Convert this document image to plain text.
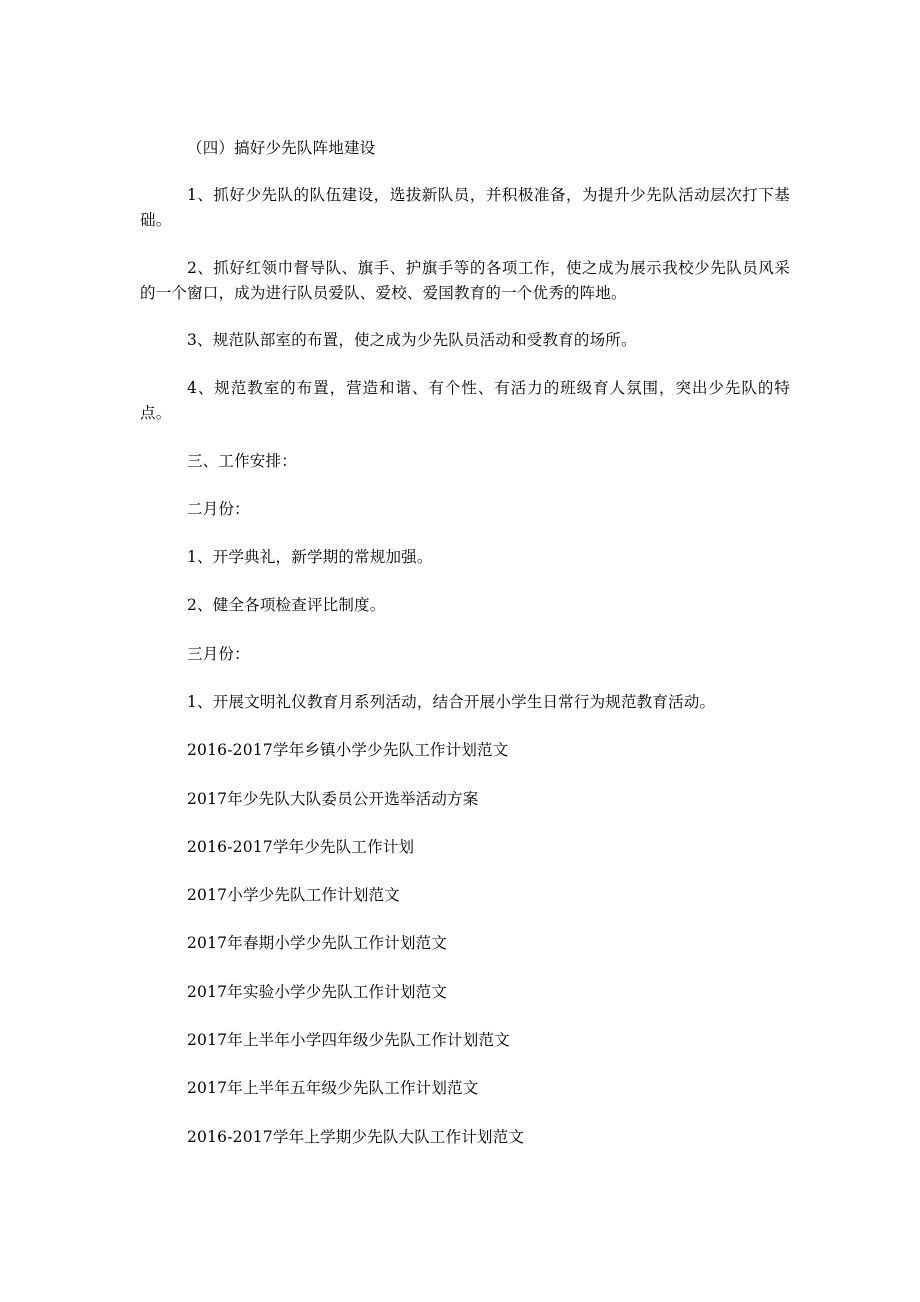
（四）搞好少先队阵地建设

1、抓好少先队的队伍建设，选拔新队员，并积极准备，为提升少先队活动层次打下基础。

2、抓好红领巾督导队、旗手、护旗手等的各项工作，使之成为展示我校少先队员风采的一个窗口，成为进行队员爱队、爱校、爱国教育的一个优秀的阵地。

3、规范队部室的布置，使之成为少先队员活动和受教育的场所。

4、规范教室的布置，营造和谐、有个性、有活力的班级育人氛围，突出少先队的特点。

三、工作安排：

二月份：

1、开学典礼，新学期的常规加强。

2、健全各项检查评比制度。

三月份：

1、开展文明礼仪教育月系列活动，结合开展小学生日常行为规范教育活动。

2016-2017学年乡镇小学少先队工作计划范文

2017年少先队大队委员公开选举活动方案

2016-2017学年少先队工作计划

2017小学少先队工作计划范文

2017年春期小学少先队工作计划范文

2017年实验小学少先队工作计划范文

2017年上半年小学四年级少先队工作计划范文

2017年上半年五年级少先队工作计划范文

2016-2017学年上学期少先队大队工作计划范文
